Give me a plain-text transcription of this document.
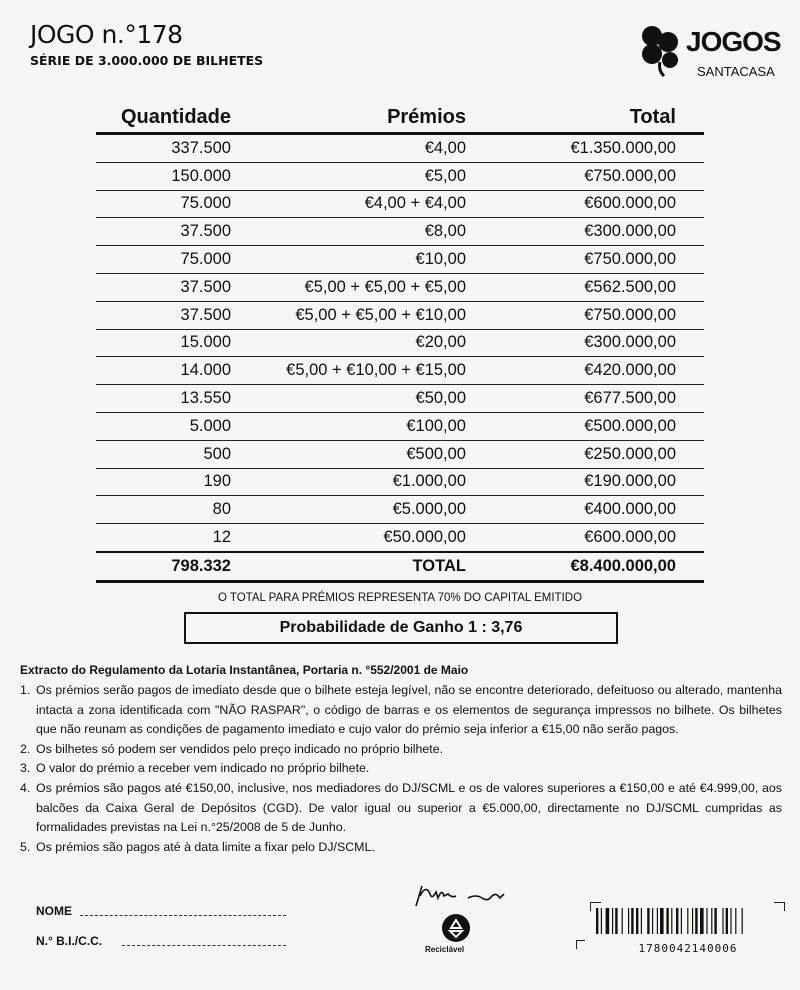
JOGO n.°178
SÉRIE DE 3.000.000 DE BILHETES
JOGOS
SANTACASA
Quantidade	Prémios	Total	
337.500	€4,00	€1.350.000,00	
150.000	€5,00	€750.000,00	
75.000	€4,00 + €4,00	€600.000,00	
37.500	€8,00	€300.000,00	
75.000	€10,00	€750.000,00	
37.500	€5,00 + €5,00 + €5,00	€562.500,00	
37.500	€5,00 + €5,00 + €10,00	€750.000,00	
15.000	€20,00	€300.000,00	
14.000	€5,00 + €10,00 + €15,00	€420.000,00	
13.550	€50,00	€677.500,00	
5.000	€100,00	€500.000,00	
500	€500,00	€250.000,00	
190	€1.000,00	€190.000,00	
80	€5.000,00	€400.000,00	
12	€50.000,00	€600.000,00	
798.332	TOTAL	€8.400.000,00	
O TOTAL PARA PRÉMIOS REPRESENTA 70% DO CAPITAL EMITIDO
Probabilidade de Ganho 1 : 3,76
Extracto do Regulamento da Lotaria Instantânea, Portaria n. °552/2001 de Maio
1. Os prémios serão pagos de imediato desde que o bilhete esteja legível, não se encontre deteriorado, defeituoso ou alterado, mantenha intacta a zona identificada com "NÃO RASPAR", o código de barras e os elementos de segurança impressos no bilhete. Os bilhetes que não reunam as condições de pagamento imediato e cujo valor do prémio seja inferior a €15,00 não serão pagos.
2. Os bilhetes só podem ser vendidos pelo preço indicado no próprio bilhete.
3. O valor do prémio a receber vem indicado no próprio bilhete.
4. Os prémios são pagos até €150,00, inclusive, nos mediadores do DJ/SCML e os de valores superiores a €150,00 e até €4.999,00, aos balcões da Caixa Geral de Depósitos (CGD). De valor igual ou superior a €5.000,00, directamente no DJ/SCML cumpridas as formalidades previstas na Lei n.°25/2008 de 5 de Junho.
5. Os prémios são pagos até à data limite a fixar pelo DJ/SCML.
NOME
N.° B.I./C.C.
Reciclável	1780042140006
